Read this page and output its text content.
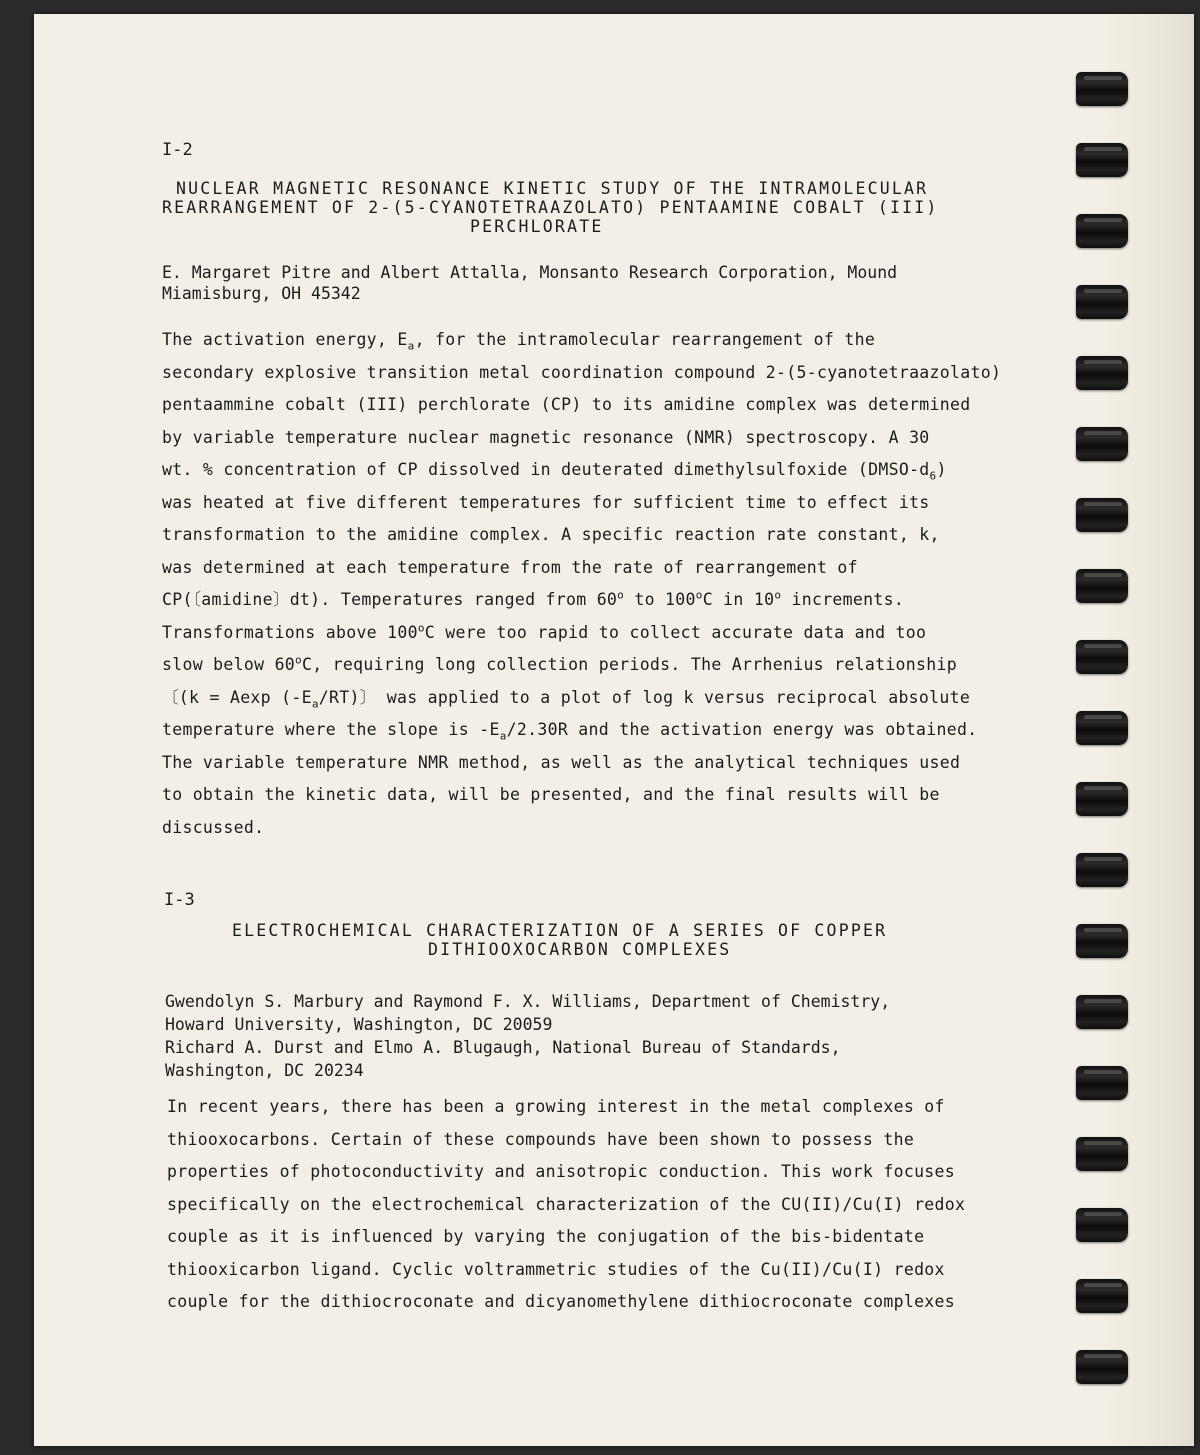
I-2
NUCLEAR MAGNETIC RESONANCE KINETIC STUDY OF THE INTRAMOLECULAR
REARRANGEMENT OF 2-(5-CYANOTETRAAZOLATO) PENTAAMINE COBALT (III)
PERCHLORATE
E. Margaret Pitre and Albert Attalla, Monsanto Research Corporation, Mound
Miamisburg, OH 45342
The activation energy, $E_a$, for the intramolecular rearrangement of the
secondary explosive transition metal coordination compound 2-(5-cyanotetraazolato)
pentaammine cobalt (III) perchlorate (CP) to its amidine complex was determined
by variable temperature nuclear magnetic resonance (NMR) spectroscopy. A 30
wt. % concentration of CP dissolved in deuterated dimethylsulfoxide $(DMSO-d_6)$
was heated at five different temperatures for sufficient time to effect its
transformation to the amidine complex. A specific reaction rate constant, k,
was determined at each temperature from the rate of rearrangement of
CP(〔amidine〕dt). Temperatures ranged from 60$^o$ to 100$^o$C in 10$^o$ increments.
Transformations above 100$^o$C were too rapid to collect accurate data and too
slow below 60$^o$C, requiring long collection periods. The Arrhenius relationship
〔(k = Aexp $(-E_a/RT)$〕 was applied to a plot of log k versus reciprocal absolute
temperature where the slope is $-E_a/2.30R$ and the activation energy was obtained.
The variable temperature NMR method, as well as the analytical techniques used
to obtain the kinetic data, will be presented, and the final results will be
discussed.
I-3
ELECTROCHEMICAL CHARACTERIZATION OF A SERIES OF COPPER
DITHIOOXOCARBON COMPLEXES
Gwendolyn S. Marbury and Raymond F. X. Williams, Department of Chemistry,
Howard University, Washington, DC 20059
Richard A. Durst and Elmo A. Blugaugh, National Bureau of Standards,
Washington, DC 20234
In recent years, there has been a growing interest in the metal complexes of
thiooxocarbons. Certain of these compounds have been shown to possess the
properties of photoconductivity and anisotropic conduction. This work focuses
specifically on the electrochemical characterization of the CU(II)/Cu(I) redox
couple as it is influenced by varying the conjugation of the bis-bidentate
thiooxicarbon ligand. Cyclic voltrammetric studies of the Cu(II)/Cu(I) redox
couple for the dithiocroconate and dicyanomethylene dithiocroconate complexes
